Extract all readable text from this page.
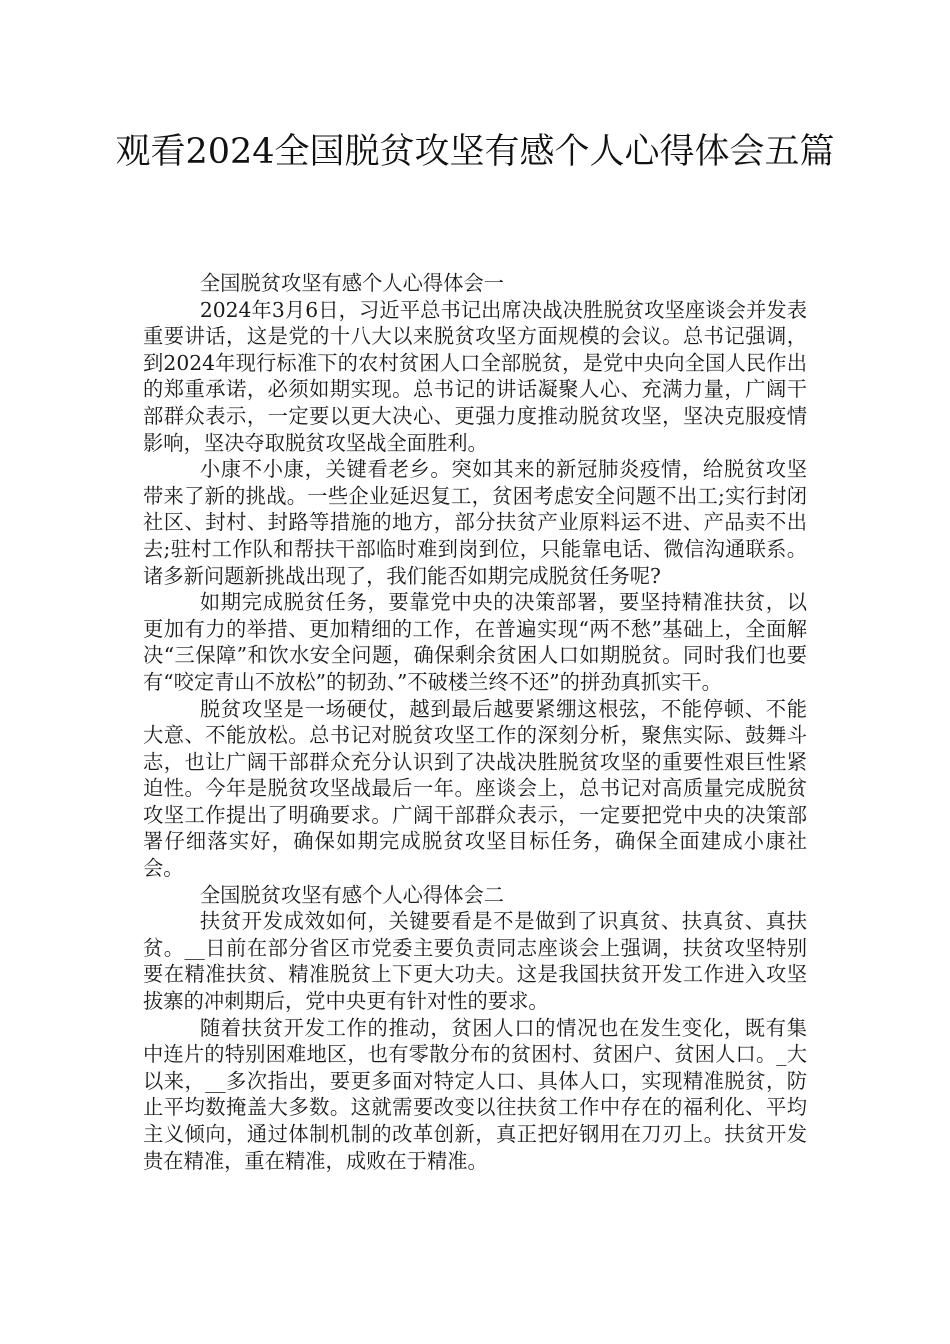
观看2024全国脱贫攻坚有感个人心得体会五篇

全国脱贫攻坚有感个人心得体会一

2024年3月6日，习近平总书记出席决战决胜脱贫攻坚座谈会并发表重要讲话，这是党的十八大以来脱贫攻坚方面规模的会议。总书记强调，到2024年现行标准下的农村贫困人口全部脱贫，是党中央向全国人民作出的郑重承诺，必须如期实现。总书记的讲话凝聚人心、充满力量，广阔干部群众表示，一定要以更大决心、更强力度推动脱贫攻坚，坚决克服疫情影响，坚决夺取脱贫攻坚战全面胜利。

小康不小康，关键看老乡。突如其来的新冠肺炎疫情，给脱贫攻坚带来了新的挑战。一些企业延迟复工，贫困考虑安全问题不出工;实行封闭社区、封村、封路等措施的地方，部分扶贫产业原料运不进、产品卖不出去;驻村工作队和帮扶干部临时难到岗到位，只能靠电话、微信沟通联系。诸多新问题新挑战出现了，我们能否如期完成脱贫任务呢?

如期完成脱贫任务，要靠党中央的决策部署，要坚持精准扶贫，以更加有力的举措、更加精细的工作，在普遍实现“两不愁”基础上，全面解决“三保障”和饮水安全问题，确保剩余贫困人口如期脱贫。同时我们也要有“咬定青山不放松”的韧劲、”不破楼兰终不还”的拼劲真抓实干。

脱贫攻坚是一场硬仗，越到最后越要紧绷这根弦，不能停顿、不能大意、不能放松。总书记对脱贫攻坚工作的深刻分析，聚焦实际、鼓舞斗志，也让广阔干部群众充分认识到了决战决胜脱贫攻坚的重要性艰巨性紧迫性。今年是脱贫攻坚战最后一年。座谈会上，总书记对高质量完成脱贫攻坚工作提出了明确要求。广阔干部群众表示，一定要把党中央的决策部署仔细落实好，确保如期完成脱贫攻坚目标任务，确保全面建成小康社会。

全国脱贫攻坚有感个人心得体会二

扶贫开发成效如何，关键要看是不是做到了识真贫、扶真贫、真扶贫。__日前在部分省区市党委主要负责同志座谈会上强调，扶贫攻坚特别要在精准扶贫、精准脱贫上下更大功夫。这是我国扶贫开发工作进入攻坚拔寨的冲刺期后，党中央更有针对性的要求。

随着扶贫开发工作的推动，贫困人口的情况也在发生变化，既有集中连片的特别困难地区，也有零散分布的贫困村、贫困户、贫困人口。_大以来，__多次指出，要更多面对特定人口、具体人口，实现精准脱贫，防止平均数掩盖大多数。这就需要改变以往扶贫工作中存在的福利化、平均主义倾向，通过体制机制的改革创新，真正把好钢用在刀刃上。扶贫开发贵在精准，重在精准，成败在于精准。
